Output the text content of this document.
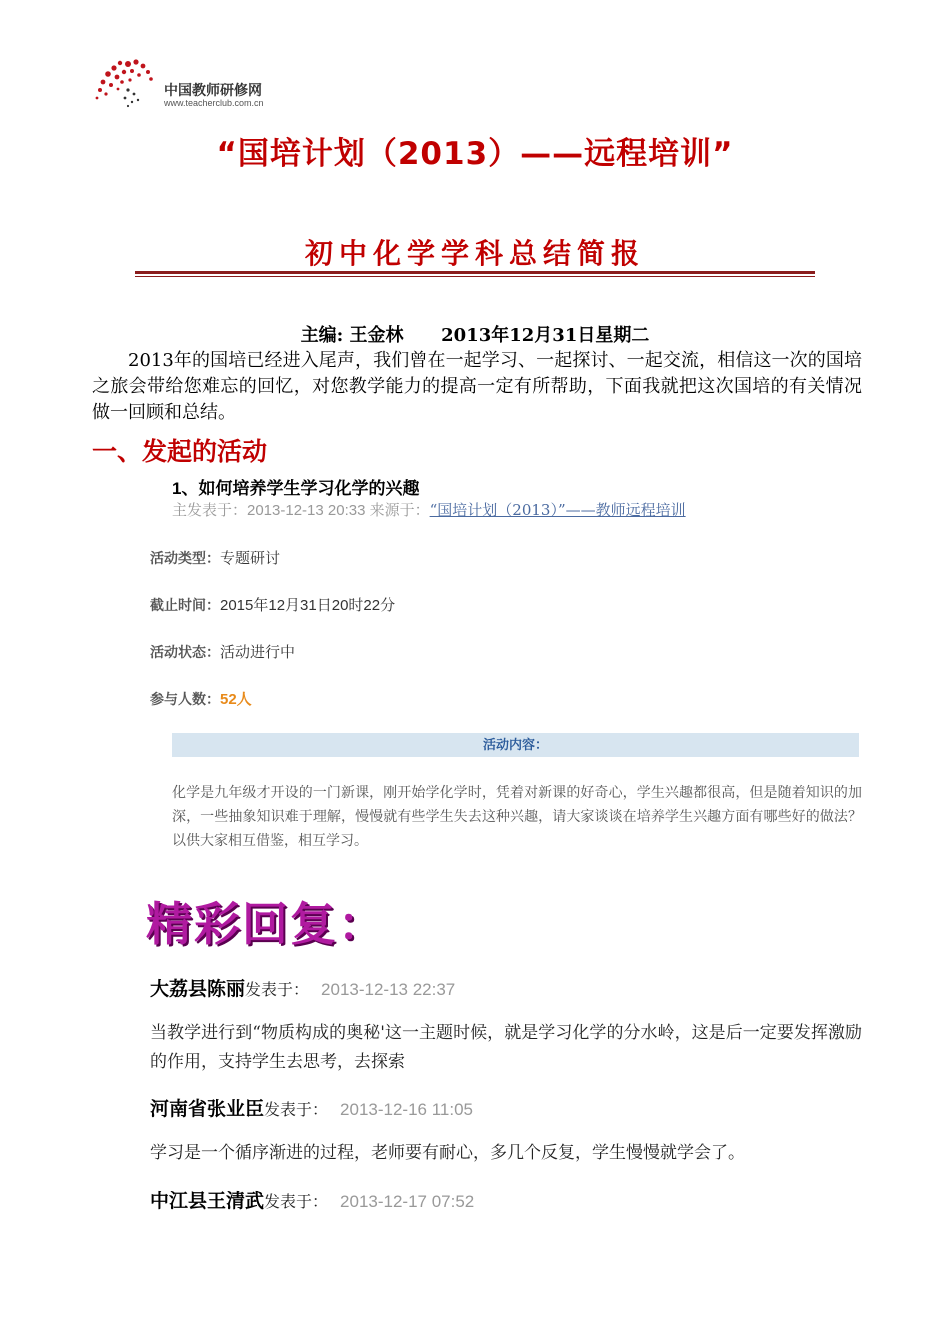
中国教师研修网
www.teacherclub.com.cn
“国培计划（2013）——远程培训”
初中化学学科总结简报
主编: 王金林      2013年12月31日星期二
2013年的国培已经进入尾声，我们曾在一起学习、一起探讨、一起交流，相信这一次的国培之旅会带给您难忘的回忆，对您教学能力的提高一定有所帮助，下面我就把这次国培的有关情况做一回顾和总结。
一、发起的活动
1、如何培养学生学习化学的兴趣
主发表于：2013-12-13 20:33 来源于：“国培计划（2013）”——教师远程培训
活动类型：专题研讨
截止时间：2015年12月31日20时22分
活动状态：活动进行中
参与人数：52人
活动内容：
化学是九年级才开设的一门新课，刚开始学化学时，凭着对新课的好奇心，学生兴趣都很高，但是随着知识的加深，一些抽象知识难于理解，慢慢就有些学生失去这种兴趣，请大家谈谈在培养学生兴趣方面有哪些好的做法？以供大家相互借鉴，相互学习。
精彩回复：
大荔县陈丽发表于： 2013-12-13 22:37
当教学进行到“物质构成的奥秘'这一主题时候，就是学习化学的分水岭，这是后一定要发挥激励的作用，支持学生去思考，去探索
河南省张业臣发表于： 2013-12-16 11:05
学习是一个循序渐进的过程，老师要有耐心，多几个反复，学生慢慢就学会了。
中江县王清武发表于： 2013-12-17 07:52
